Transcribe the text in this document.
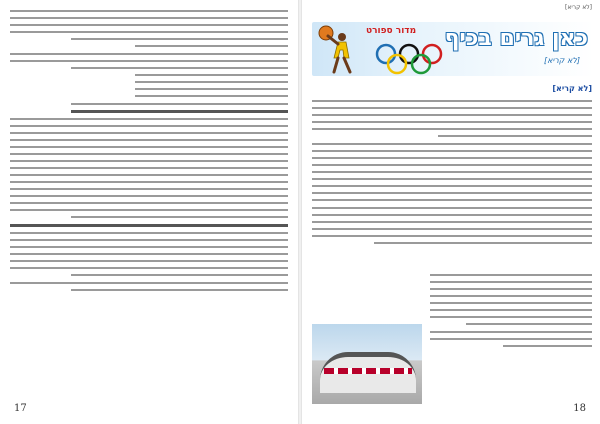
17
[לא קריא]
מדור ספורט כאן גרים בכיף
[לא קריא]
[לא קריא]
18
